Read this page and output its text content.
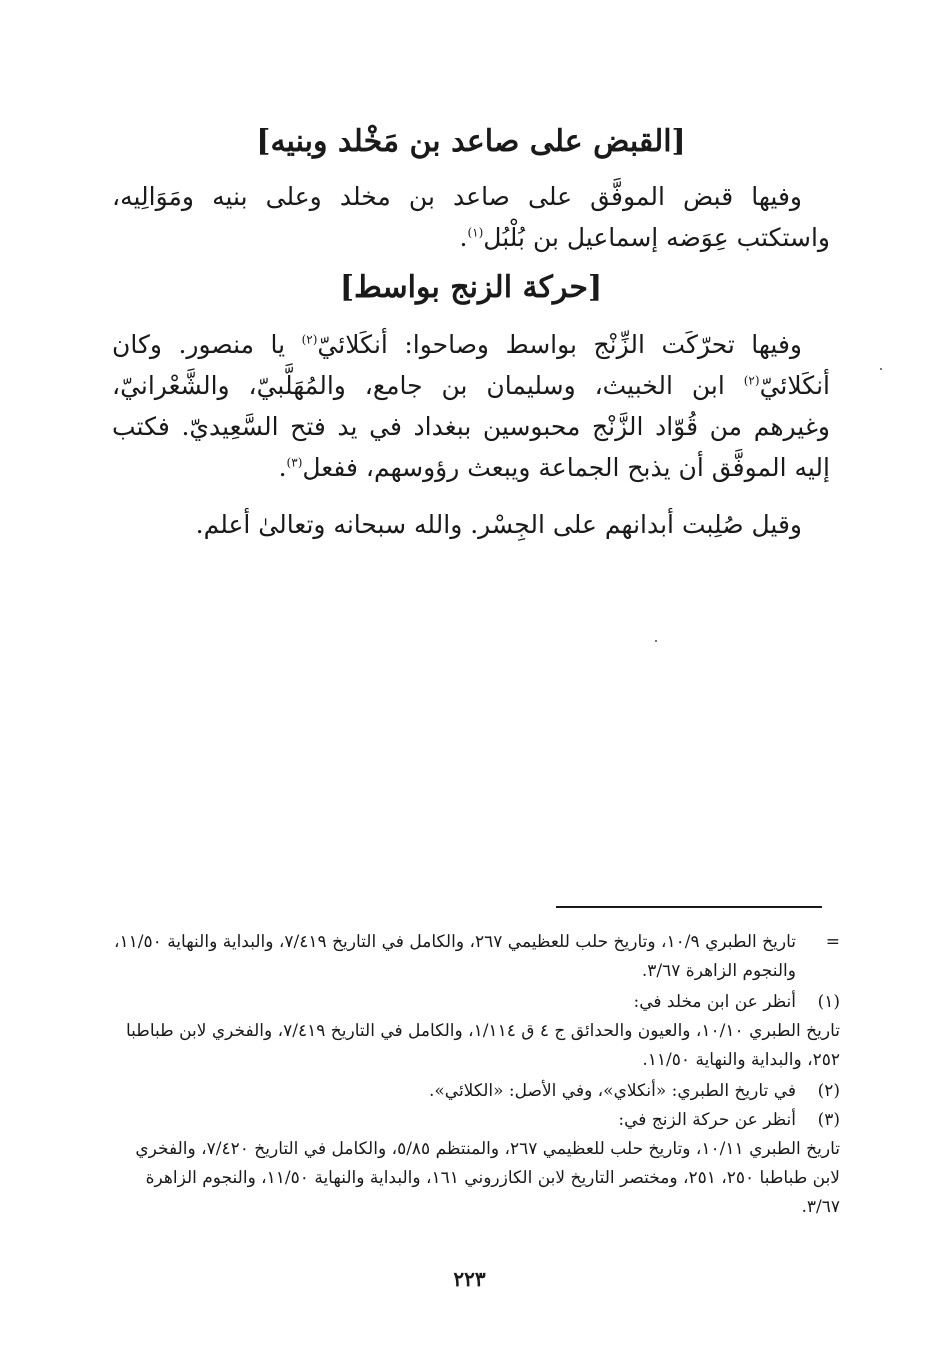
[القبض على صاعد بن مَخْلد وبنيه]
وفيها قبض الموفَّق على صاعد بن مخلد وعلى بنيه ومَوَالِيه، واستكتب عِوَضه إسماعيل بن بُلْبُل$^{(١)}$.
[حركة الزنج بواسط]
وفيها تحرّكَت الزِّنْج بواسط وصاحوا: أنكَلائيّ$^{(٢)}$ يا منصور. وكان أنكَلائيّ$^{(٢)}$ ابن الخبيث، وسليمان بن جامع، والمُهَلَّبيّ، والشَّعْرانيّ، وغيرهم من قُوّاد الزَّنْج محبوسين ببغداد في يد فتح السَّعِيديّ. فكتب إليه الموفَّق أن يذبح الجماعة ويبعث رؤوسهم، ففعل$^{(٣)}$.
وقيل صُلِبت أبدانهم على الجِسْر. والله سبحانه وتعالىٰ أعلم.
=
تاريخ الطبري ١٠/٩، وتاريخ حلب للعظيمي ٢٦٧، والكامل في التاريخ ٧/٤١٩، والبداية والنهاية ١١/٥٠، والنجوم الزاهرة ٣/٦٧.
(١)
أنظر عن ابن مخلد في:
تاريخ الطبري ١٠/١٠، والعيون والحدائق ج ٤ ق ١/١١٤، والكامل في التاريخ ٧/٤١٩، والفخري لابن طباطبا ٢٥٢، والبداية والنهاية ١١/٥٠.
(٢)
في تاريخ الطبري: «أنكلاي»، وفي الأصل: «الكلائي».
(٣)
أنظر عن حركة الزنج في:
تاريخ الطبري ١٠/١١، وتاريخ حلب للعظيمي ٢٦٧، والمنتظم ٥/٨٥، والكامل في التاريخ ٧/٤٢٠، والفخري لابن طباطبا ٢٥٠، ٢٥١، ومختصر التاريخ لابن الكازروني ١٦١، والبداية والنهاية ١١/٥٠، والنجوم الزاهرة ٣/٦٧.
٢٢٣
